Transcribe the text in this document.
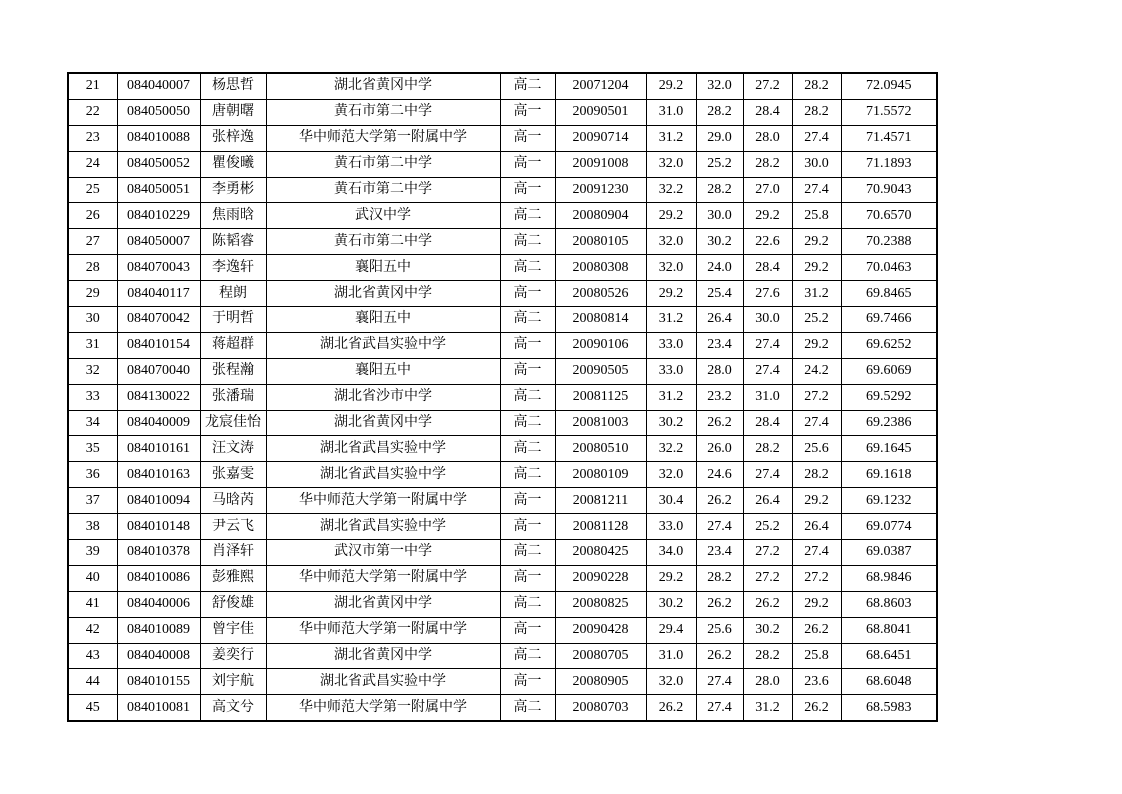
21	084040007	杨思哲	湖北省黄冈中学	高二	20071204	29.2	32.0	27.2	28.2	72.0945
22	084050050	唐朝曙	黄石市第二中学	高一	20090501	31.0	28.2	28.4	28.2	71.5572
23	084010088	张梓逸	华中师范大学第一附属中学	高一	20090714	31.2	29.0	28.0	27.4	71.4571
24	084050052	瞿俊曦	黄石市第二中学	高一	20091008	32.0	25.2	28.2	30.0	71.1893
25	084050051	李勇彬	黄石市第二中学	高一	20091230	32.2	28.2	27.0	27.4	70.9043
26	084010229	焦雨晗	武汉中学	高二	20080904	29.2	30.0	29.2	25.8	70.6570
27	084050007	陈韬睿	黄石市第二中学	高二	20080105	32.0	30.2	22.6	29.2	70.2388
28	084070043	李逸轩	襄阳五中	高二	20080308	32.0	24.0	28.4	29.2	70.0463
29	084040117	程朗	湖北省黄冈中学	高一	20080526	29.2	25.4	27.6	31.2	69.8465
30	084070042	于明哲	襄阳五中	高二	20080814	31.2	26.4	30.0	25.2	69.7466
31	084010154	蒋超群	湖北省武昌实验中学	高一	20090106	33.0	23.4	27.4	29.2	69.6252
32	084070040	张程瀚	襄阳五中	高一	20090505	33.0	28.0	27.4	24.2	69.6069
33	084130022	张潘瑞	湖北省沙市中学	高二	20081125	31.2	23.2	31.0	27.2	69.5292
34	084040009	龙宸佳怡	湖北省黄冈中学	高二	20081003	30.2	26.2	28.4	27.4	69.2386
35	084010161	汪文涛	湖北省武昌实验中学	高二	20080510	32.2	26.0	28.2	25.6	69.1645
36	084010163	张嘉雯	湖北省武昌实验中学	高二	20080109	32.0	24.6	27.4	28.2	69.1618
37	084010094	马晗芮	华中师范大学第一附属中学	高一	20081211	30.4	26.2	26.4	29.2	69.1232
38	084010148	尹云飞	湖北省武昌实验中学	高一	20081128	33.0	27.4	25.2	26.4	69.0774
39	084010378	肖泽轩	武汉市第一中学	高二	20080425	34.0	23.4	27.2	27.4	69.0387
40	084010086	彭雅熙	华中师范大学第一附属中学	高一	20090228	29.2	28.2	27.2	27.2	68.9846
41	084040006	舒俊雄	湖北省黄冈中学	高二	20080825	30.2	26.2	26.2	29.2	68.8603
42	084010089	曾宇佳	华中师范大学第一附属中学	高一	20090428	29.4	25.6	30.2	26.2	68.8041
43	084040008	姜奕行	湖北省黄冈中学	高二	20080705	31.0	26.2	28.2	25.8	68.6451
44	084010155	刘宇航	湖北省武昌实验中学	高一	20080905	32.0	27.4	28.0	23.6	68.6048
45	084010081	高文兮	华中师范大学第一附属中学	高二	20080703	26.2	27.4	31.2	26.2	68.5983
